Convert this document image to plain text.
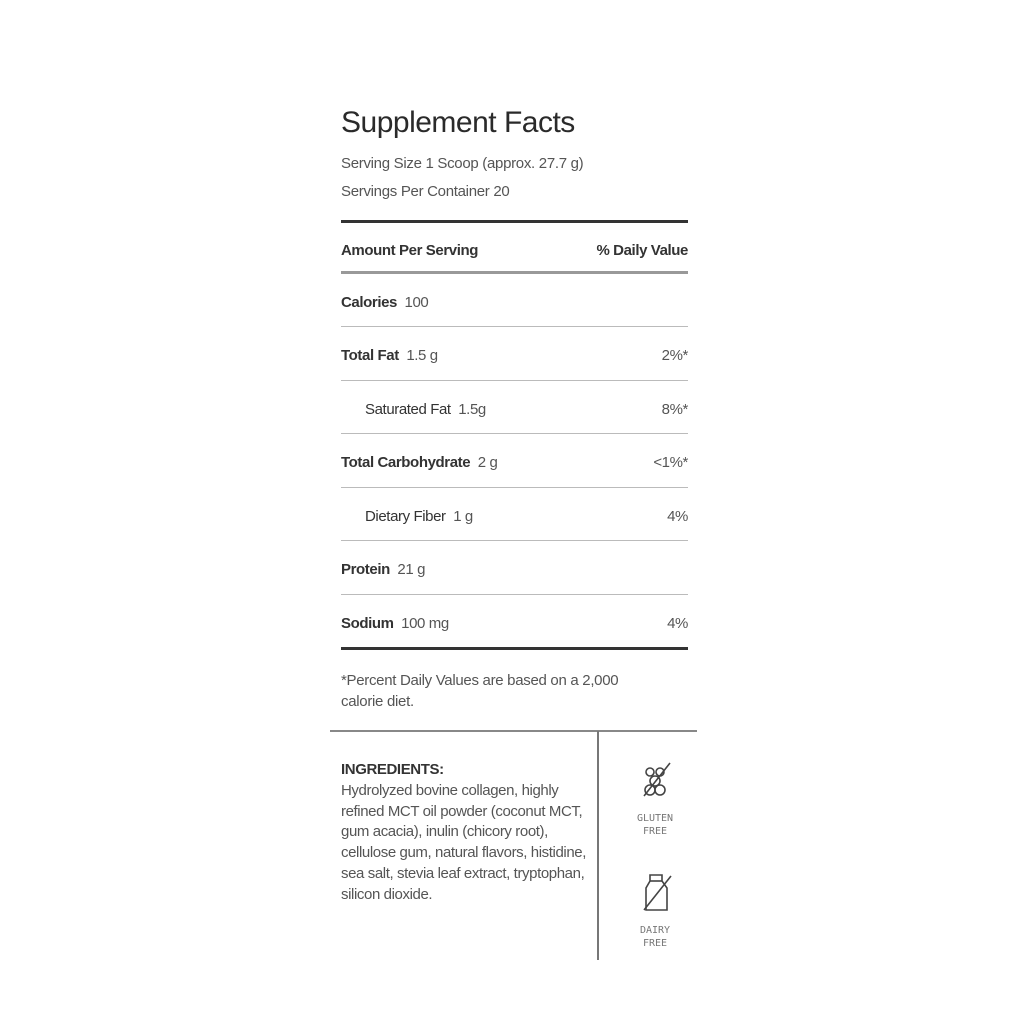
Supplement Facts
Serving Size 1 Scoop (approx. 27.7 g)
Servings Per Container 20
Amount Per Serving	% Daily Value
Calories 100
Total Fat 1.5 g	2%*
Saturated Fat 1.5g	8%*
Total Carbohydrate 2 g	<1%*
Dietary Fiber 1 g	4%
Protein 21 g
Sodium 100 mg	4%
*Percent Daily Values are based on a 2,000 calorie diet.
INGREDIENTS:
Hydrolyzed bovine collagen, highly refined MCT oil powder (coconut MCT, gum acacia), inulin (chicory root), cellulose gum, natural flavors, histidine, sea salt, stevia leaf extract, tryptophan, silicon dioxide.
GLUTEN
FREE
DAIRY
FREE
